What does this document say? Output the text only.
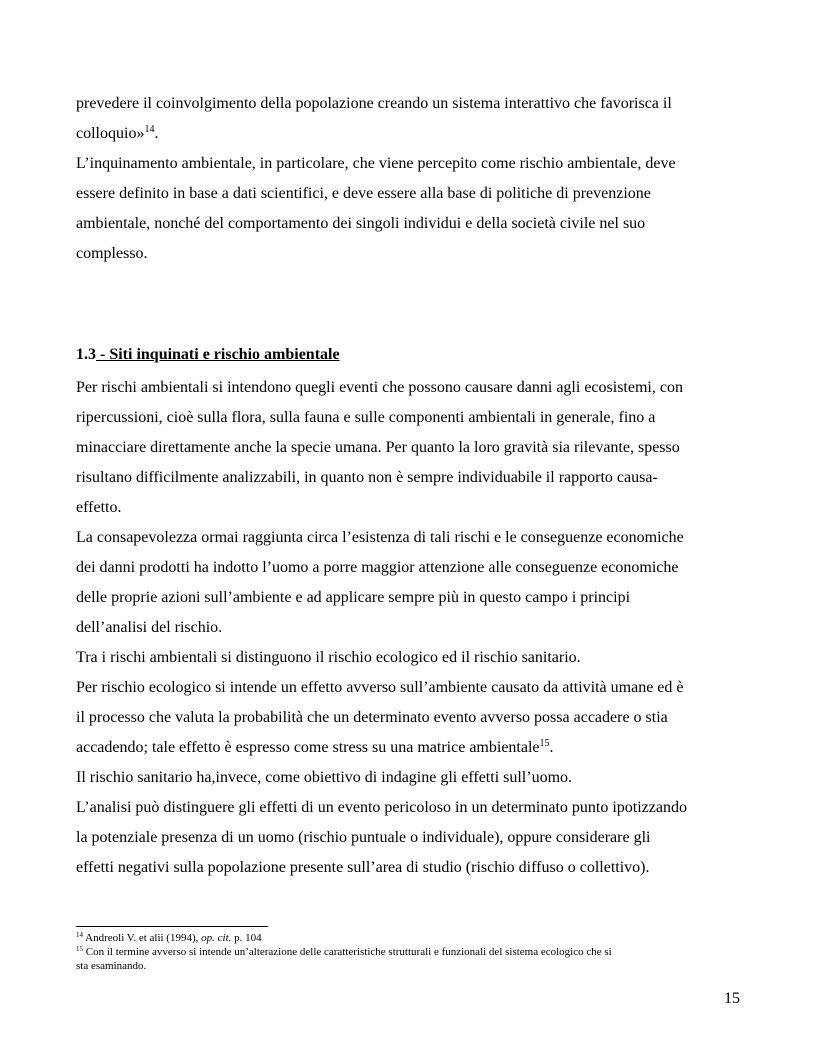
prevedere il coinvolgimento della popolazione creando un sistema interattivo che favorisca il

colloquio»$^{14}$.

L’inquinamento ambientale, in particolare, che viene percepito come rischio ambientale, deve

essere definito in base a dati scientifici, e deve essere alla base di politiche di prevenzione

ambientale, nonché del comportamento dei singoli individui e della società civile nel suo

complesso.

1.3 - Siti inquinati e rischio ambientale

Per rischi ambientali si intendono quegli eventi che possono causare danni agli ecosistemi, con

ripercussioni, cioè sulla flora, sulla fauna e sulle componenti ambientali in generale, fino a

minacciare direttamente anche la specie umana. Per quanto la loro gravità sia rilevante, spesso

risultano difficilmente analizzabili, in quanto non è sempre individuabile il rapporto causa-

effetto.

La consapevolezza ormai raggiunta circa l’esistenza di tali rischi e le conseguenze economiche

dei danni prodotti ha indotto l’uomo a porre maggior attenzione alle conseguenze economiche

delle proprie azioni sull’ambiente e ad applicare sempre più in questo campo i principi

dell’analisi del rischio.

Tra i rischi ambientali si distinguono il rischio ecologico ed il rischio sanitario.

Per rischio ecologico si intende un effetto avverso sull’ambiente causato da attività umane ed è

il processo che valuta la probabilità che un determinato evento avverso possa accadere o stia

accadendo; tale effetto è espresso come stress su una matrice ambientale$^{15}$.

Il rischio sanitario ha,invece, come obiettivo di indagine gli effetti sull’uomo.

L’analisi può distinguere gli effetti di un evento pericoloso in un determinato punto ipotizzando

la potenziale presenza di un uomo (rischio puntuale o individuale), oppure considerare gli

effetti negativi sulla popolazione presente sull’area di studio (rischio diffuso o collettivo).

$^{14}$ Andreoli V. et alii (1994), op. cit. p. 104

$^{15}$ Con il termine avverso si intende un’alterazione delle caratteristiche strutturali e funzionali del sistema ecologico che si
sta esaminando.

15
